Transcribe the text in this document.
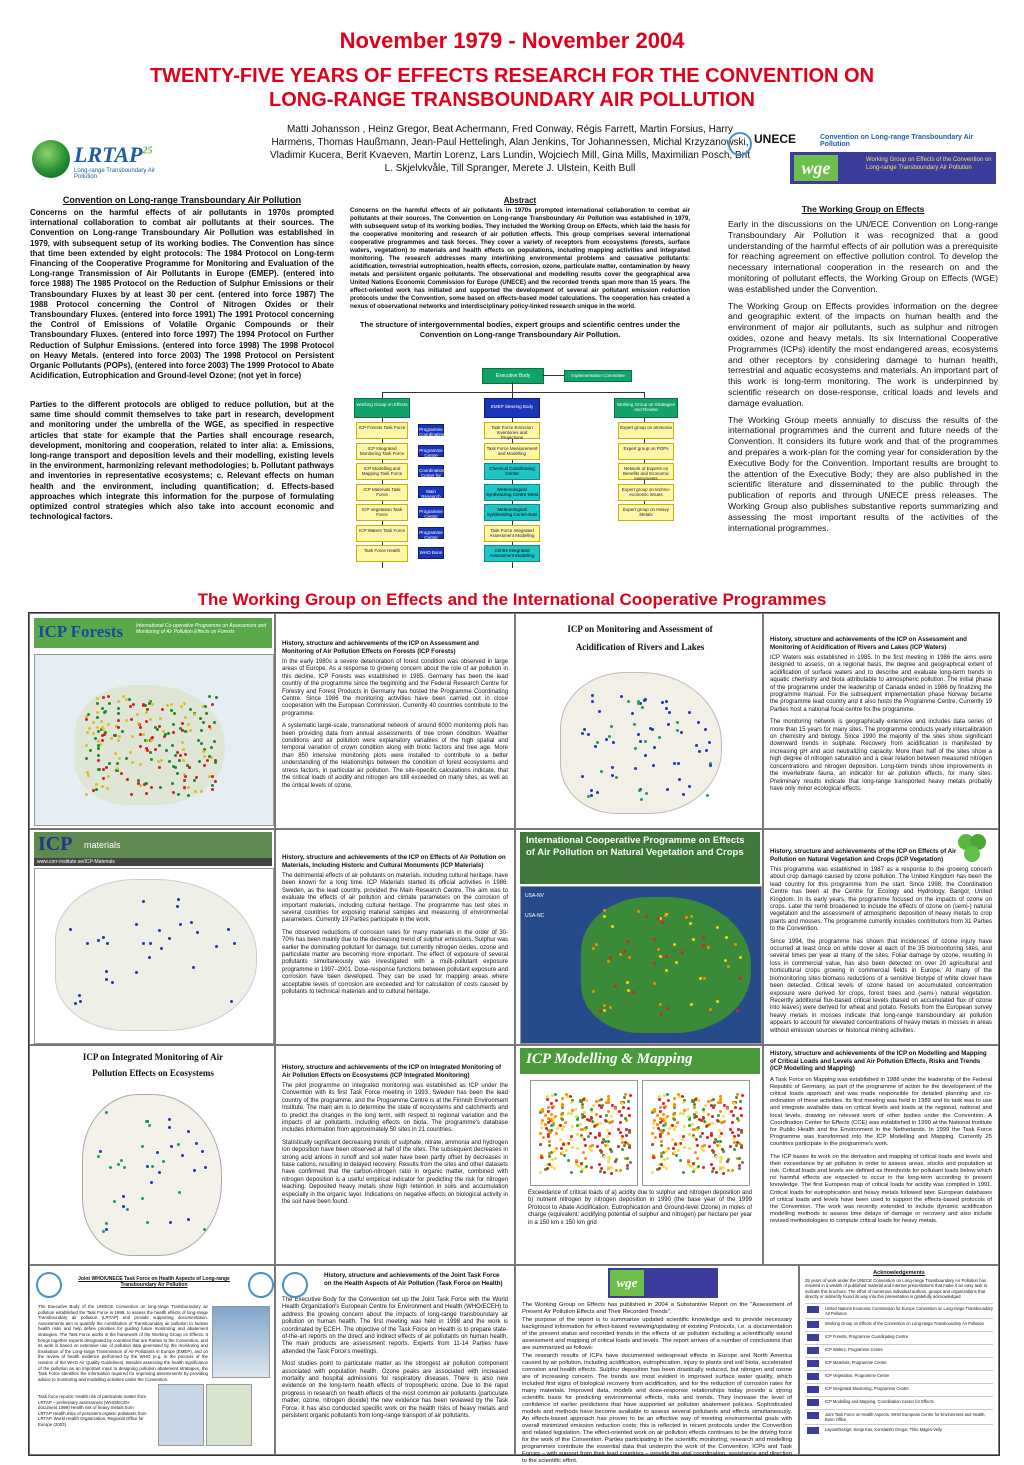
November 1979 - November 2004
TWENTY-FIVE YEARS OF EFFECTS RESEARCH FOR THE CONVENTION ON
LONG-RANGE TRANSBOUNDARY AIR POLLUTION
Matti Johansson , Heinz Gregor, Beat Achermann, Fred Conway, Régis Farrett, Martin Forsius, Harry Harmens, Thomas Haußmann, Jean-Paul Hettelingh, Alan Jenkins, Tor Johannessen, Michal Krzyzanowski, Vladimir Kucera, Berit Kvaeven, Martin Lorenz, Lars Lundin, Wojciech Mill, Gina Mills, Maximilian Posch, Brit L. Skjelvkvåle, Till Spranger, Merete J. Ulstein, Keith Bull
LRTAP$^{25}$
Long-range Transboundary Air Pollution
UNECE	Convention on Long-range Transboundary Air Pollution
wge	Working Group on Effects of the Convention on Long-range Transboundary Air Pollution
Convention on Long-range Transboundary Air Pollution
Concerns on the harmful effects of air pollutants in 1970s prompted international collaboration to combat air pollutants at their sources. The Convention on Long-range Transboundary Air Pollution was established in 1979, with subsequent setup of its working bodies. The Convention has since that time been extended by eight protocols: The 1984 Protocol on Long-term Financing of the Cooperative Programme for Monitoring and Evaluation of the Long-range Transmission of Air Pollutants in Europe (EMEP). (entered into force 1988) The 1985 Protocol on the Reduction of Sulphur Emissions or their Transboundary Fluxes by at least 30 per cent. (entered into force 1987) The 1988 Protocol concerning the Control of Nitrogen Oxides or their Transboundary Fluxes. (entered into force 1991) The 1991 Protocol concerning the Control of Emissions of Volatile Organic Compounds or their Transboundary Fluxes. (entered into force 1997) The 1994 Protocol on Further Reduction of Sulphur Emissions. (entered into force 1998) The 1998 Protocol on Heavy Metals. (entered into force 2003) The 1998 Protocol on Persistent Organic Pollutants (POPs), (entered into force 2003) The 1999 Protocol to Abate Acidification, Eutrophication and Ground-level Ozone; (not yet in force)
Parties to the different protocols are obliged to reduce pollution, but at the same time should commit themselves to take part in research, development and monitoring under the umbrella of the WGE, as specified in respective articles that state for example that the Parties shall encourage research, development, monitoring and cooperation, related to inter alia: a. Emissions, long-range transport and deposition levels and their modelling, existing levels in the environment, harmonizing relevant methodologies; b. Pollutant pathways and inventories in representative ecosystems; c. Relevant effects on human health and the environment, including quantification; d. Effects-based approaches which integrate this information for the purpose of formulating optimized control strategies which also take into account economic and technological factors.
Abstract
Concerns on the harmful effects of air pollutants in 1970s prompted international collaboration to combat air pollutants at their sources. The Convention on Long-range Transboundary Air Pollution was established in 1979, with subsequent setup of its working bodies. They included the Working Group on Effects, which laid the basis for the cooperative monitoring and research of air pollution effects. This group comprises several international cooperative programmes and task forces. They cover a variety of receptors from ecosystems (forests, surface waters, vegetation) to materials and health effects on populations, including mapping activities and integrated monitoring. The research addresses many interlinking environmental problems and causative pollutants: acidification, terrestrial eutrophication, health effects, corrosion, ozone, particulate matter, contamination by heavy metals and persistent organic pollutants. The observational and modelling results cover the geographical area United Nations Economic Commission for Europe (UNECE) and the recorded trends span more than 15 years. The effect-oriented work has initiated and supported the development of several air pollutant emission reduction protocols under the Convention, some based on effects-based model calculations. The cooperation has created a nexus of observational networks and interdisciplinary policy-linked research unique in the world.
The structure of intergovernmental bodies, expert groups and scientific centres under the Convention on Long-range Transboundary Air Pollution.
Executive Body	Implementation Committee
Working Group on Effects	EMEP Steering Body	Working Group on Strategies and Review
ICP Forests Task Force	Programme Coordinating Centre
ICP Integrated Monitoring Task Force
Programme Centre
ICP Modelling and Mapping Task Force
Coordination Center for Effects
ICP Materials Task Force
Main Research Centre
ICP Vegetation Task Force
Programme Centre
ICP Waters Task Force	Programme Centre
Task Force Health	WHO Bonn
Task Force Emission Inventories and Projections
Task Force Measurement and Modelling
Chemical Coordinating Centre
Meteorological Synthesizing Centre-West
Meteorological Synthesizing Centre-East
Task Force Integrated Assessment Modelling
Centre Integrated Assessment Modelling
Expert group on ammonia
Expert group on POPs
Network of Experts on Benefits and Economic Instruments
Expert group on techno-economic issues
Expert group on Heavy Metals
The Working Group on Effects

Early in the discussions on the UN/ECE Convention on Long-range Transboundary Air Pollution it was recognized that a good understanding of the harmful effects of air pollution was a prerequisite for reaching agreement on effective pollution control. To develop the necessary international cooperation in the research on and the monitoring of pollutant effects, the Working Group on Effects (WGE) was established under the Convention.

The Working Group on Effects provides information on the degree and geographic extent of the impacts on human health and the environment of major air pollutants, such as sulphur and nitrogen oxides, ozone and heavy metals. Its six International Cooperative Programmes (ICPs) identify the most endangered areas, ecosystems and other receptors by considering damage to human health, terrestrial and aquatic ecosystems and materials. An important part of this work is long-term monitoring. The work is underpinned by scientific research on dose-response, critical loads and levels and damage evaluation.

The Working Group meets annually to discuss the results of the international programmes and the current and future needs of the Convention. It considers its future work and that of the programmes and prepares a work-plan for the coming year for consideration by the Executive Body for the Convention. Important results are brought to the attention of the Executive Body; they are also published in the scientific literature and disseminated to the public through the publication of reports and through UNECE press releases. The Working Group also publishes substantive reports summarizing and assessing the most important results of the activities of the international programmes.

The Working Group on Effects and the International Cooperative Programmes
ICP Forests	International Co-operative Programme on Assessment and Monitoring of Air Pollution Effects on Forests
History, structure and achievements of the ICP on Assessment and Monitoring of Air Pollution Effects on Forests (ICP Forests)

In the early 1980s a severe deterioration of forest condition was observed in large areas of Europe. As a response to growing concern about the role of air pollution in this decline, ICP Forests was established in 1985. Germany has been the lead country of the programme since the beginning and the Federal Research Centre for Forestry and Forest Products in Germany has hosted the Programme Coordinating Centre. Since 1986 the monitoring activities have been carried out in close cooperation with the European Commission. Currently 40 countries contribute to the programme.

A systematic large-scale, transnational network of around 6000 monitoring plots has been providing data from annual assessments of tree crown condition. Weather conditions and air pollution were explanatory variables of the high spatial and temporal variation of crown condition along with biotic factors and tree age. More than 850 intensive monitoring plots were installed to contribute to a better understanding of the relationships between the condition of forest ecosystems and stress factors, in particular air pollution. The site-specific calculations indicate, that the critical loads of acidity and nitrogen are still exceeded on many sites, as well as the critical levels of ozone.

ICP on Monitoring and Assessment of
Acidification of Rivers and Lakes
History, structure and achievements of the ICP on Assessment and Monitoring of Acidification of Rivers and Lakes (ICP Waters)

ICP Waters was established in 1985. In the first meeting in 1986 the aims were designed to assess, on a regional basis, the degree and geographical extent of acidification of surface waters and to describe and evaluate long-term trends in aquatic chemistry and biota attributable to atmospheric pollution. The initial phase of the programme under the leadership of Canada ended in 1986 by finalizing the programme manual. For the subsequent implementation phase Norway became the programme lead country and it also hosts the Programme Centre. Currently 19 Parties host a national focal centre for the programme.

The monitoring network is geographically extensive and includes data series of more than 15 years for many sites. The programme conducts yearly intercalibration on chemistry and biology. Since 1990 the majority of the sites show significant downward trends in sulphate. Recovery from acidification is manifested by increasing pH and acid neutralizing capacity. More than half of the sites show a high degree of nitrogen saturation and a clear relation between measured nitrogen concentrations and nitrogen deposition. Long-term trends show improvements in the invertebrate fauna, an indicator for air pollution effects, for many sites. Preliminary results indicate that long-range transported heavy metals probably have only minor ecological effects.

ICP materials
www.corr-institute.se/ICP-Materials
History, structure and achievements of the ICP on Effects of Air Pollution on Materials, Including Historic and Cultural Monuments (ICP Materials)

The detrimental effects of air pollutants on materials, including cultural heritage, have been known for a long time. ICP Materials started its official activities in 1986. Sweden, as the lead country, provided the Main Research Centre. The aim was to evaluate the effects of air pollution and climate parameters on the corrosion of important materials, including cultural heritage. The programme has test sites in several countries for exposing material samples and measuring of environmental parameters. Currently 19 Parties participate in the work.

The observed reductions of corrosion rates for many materials in the order of 30-70% has been mainly due to the decreasing trend of sulphur emissions. Sulphur was earlier the dominating pollutant for damage, but currently nitrogen oxides, ozone and particulate matter are becoming more important. The effect of exposure of several pollutants simultaneously was investigated with a multi-pollutant exposure programme in 1997–2001. Dose-response functions between pollutant exposure and corrosion have been developed. They can be used for mapping areas where acceptable levels of corrosion are exceeded and for calculation of costs caused by pollutants to technical materials and to cultural heritage.

International Cooperative Programme on Effects of Air Pollution on Natural Vegetation and Crops
USA-NV
USA-NC
History, structure and achievements of the ICP on Effects of Air Pollution on Natural Vegetation and Crops (ICP Vegetation)

This programme was established in 1987 as a response to the growing concern about crop damage caused by ozone pollution. The United Kingdom has been the lead country for this programme from the start. Since 1998, the Coordination Centre has been at the Centre for Ecology and Hydrology, Bangor, United Kingdom. In its early years, the programme focused on the impacts of ozone on crops. Later the remit broadened to include the effects of ozone on (semi-) natural vegetation and the assessment of atmospheric deposition of heavy metals to crop plants and mosses. The programme currently includes contributors from 31 Parties to the Convention.

Since 1994, the programme has shown that incidences of ozone injury have occurred at least once on white clover at each of the 35 biomonitoring sites, and several times per year at many of the sites. Foliar damage by ozone, resulting in loss in commercial value, has also been detected on over 20 agricultural and horticultural crops growing in commercial fields in Europe. At many of the biomonitoring sites biomass reductions of a sensitive biotype of white clover have been detected. Critical levels of ozone based on accumulated concentration exposure were derived for crops, forest trees and (semi-) natural vegetation. Recently additional flux-based critical levels (based on accumulated flux of ozone into leaves) were derived for wheat and potato. Results from the European survey heavy metals in mosses indicate that long-range transboundary air pollution appears to account for elevated concentrations of heavy metals in mosses in areas without emission sources or historical mining activities.

ICP on Integrated Monitoring of Air
Pollution Effects on Ecosystems
History, structure and achievements of the ICP on Integrated Monitoring of Air Pollution Effects on Ecosystems (ICP Integrated Monitoring)

The pilot programme on integrated monitoring was established as ICP under the Convention with its first Task Force meeting in 1993. Sweden has been the lead country of the programme, and the Programme Centre is at the Finnish Environment Institute. The main aim is to determine the state of ecosystems and catchments and to predict the changes in the long term, with respect to regional variation and the impacts of air pollutants, including effects on biota. The programme's database includes information from approximately 50 sites in 21 countries.

Statistically significant decreasing trends of sulphate, nitrate, ammonia and hydrogen ion deposition have been observed at half of the sites. The subsequent decreases in strong acid anions in runoff and soil water have been partly offset by decreases in base cations, resulting in delayed recovery. Results from the sites and other datasets have confirmed that the carbon-nitrogen ratio in organic matter, combined with nitrogen deposition is a useful empirical indicator for predicting the risk for nitrogen leaching. Deposited heavy metals show high retention in soils and accumulation especially in the organic layer. Indications on negative effects on biological activity in the soil have been found.

ICP Modelling & Mapping
Exceedance of critical loads of a) acidity due to sulphur and nitrogen deposition and b) nutrient nitrogen by nitrogen deposition in 1990 (the base year of the 1999 Protocol to Abate Acidification, Eutrophication and Ground-level Ozone) in moles of charge (equivalent: acidifying potential of sulphur and nitrogen) per hectare per year in a 150 km x 150 km grid
History, structure and achievements of the ICP on Modelling and Mapping of Critical Loads and Levels and Air Pollution Effects, Risks and Trends (ICP Modelling and Mapping)

A Task Force on Mapping was established in 1988 under the leadership of the Federal Republic of Germany, as part of the programme of action for the development of the critical loads approach and was made responsible for detailed planning and co-ordination of these activities. Its first meeting was held in 1989 and its task was to use and integrate available data on critical levels and loads at the regional, national and local levels, drawing on relevant work of other bodies under the Convention. A Coordination Center for Effects (CCE) was established in 1990 at the National Institute for Public Health and the Environment in the Netherlands. In 1999 the Task Force Programme was transformed into the ICP Modelling and Mapping. Currently 25 countries participate in the programme's work.

The ICP bases its work on the derivation and mapping of critical loads and levels and their exceedance by air pollution in order to assess areas, stocks and population at risk. Critical loads and levels are defined as thresholds for pollutant loads below which no harmful effects are expected to occur in the long-term according to present knowledge. The first European map of critical loads for acidity was compiled in 1991. Critical loads for eutrophication and heavy metals followed later. European databases of critical loads and levels have been used to support the effects-based protocols of the Convention. The work was recently extended to include dynamic acidification modelling methods to assess time delays of damage or recovery and also include revised methodologies to compute critical loads for heavy metals.

Joint WHO/UNECE Task Force on Health Aspects of Long-range Transboundary Air Pollution
The Executive Body of the UN/ECE Convention on long-range Transboundary air pollution established the Task Force in 1998, to assess the health effects of long-range Transboundary air pollution (LRTAP) and provide supporting documentation. Assessments aim to quantify the contribution of Transboundary air pollution to human health risks and help define priorities for guiding future monitoring and abatement strategies. The Task Force works in the framework of the Working Group on Effects. It brings together experts designated by countries that are Parties to the Convention, and its work is based on extensive use of pollution data generated by the monitoring and Evaluation of the Long-range Transmission of Air Pollutants in Europe (EMEP), and on the review of health evidence performed by the WHO (e.g. in the process of the revision of the WHO Air Quality Guidelines). Besides assessing the health significance of the pollution as an important input to designing pollution abatement strategies, the Task Force identifies the information required for improving assessments by providing advice to monitoring and modelling activities under the Convention.
Task force reports: Health risk of particulate matter from LRTAP – preliminary assessment (WHO/ECEH document 1999) Health risk of heavy metals from LRTAP Health risks of persistent organic pollutants from LRTAP. World Health Organization, Regional Office for Europe (2003)
History, structure and achievements of the Joint Task Force on the Health Aspects of Air Pollution (Task Force on Health)

The Executive Body for the Convention set up the Joint Task Force with the World Health Organization's European Centre for Environment and Health (WHO/ECEH) to address the growing concern about the impacts of long-range transboundary air pollution on human health. The first meeting was held in 1998 and the work is coordinated by ECEH. The objective of the Task Force on Health is to prepare state-of-the-art reports on the direct and indirect effects of air pollutants on human health. The main products are assessment reports. Experts from 11-14 Parties have attended the Task Force's meetings.

Most studies point to particulate matter as the strongest air pollution component associated with population health. Ozone peaks are associated with increased mortality and hospital admissions for respiratory diseases. There is also new evidence on the long-term health effects of tropospheric ozone. Due to the rapid progress in research on health effects of the most common air pollutants (particulate matter, ozone, nitrogen dioxide) the new evidence has been reviewed by the Task Force. It has also conducted specific work on the health risks of heavy metals and persistent organic pollutants from long-range transport of air pollutants.

wge
The Working Group on Effects has published in 2004 a Substantive Report on the "Assessment of Present Air Pollution Effects and Their Recorded Trends".
The purpose of the report is to summarize updated scientific knowledge and to provide necessary background information for effect-based reviewing/updating of existing Protocols, i.e. a documentation of the present status and recorded trends in the effects of air pollution including a scientifically sound assessment and mapping of critical loads and levels. The report arrives of a number of conclusions that are summarized as follows:
The research results of ICPs have documented widespread effects in Europe and North America caused by air pollution, including acidification, eutrophication, injury to plants and soil biota, accelerated corrosion and health effects. Sulphur deposition has been drastically reduced, but nitrogen and ozone are of increasing concern. The trends are most evident in improved surface water quality, which included first signs of biological recovery from acidification, and for the reduction of corrosion rates for many materials. Improved data, models and dose-response relationships today provide a strong scientific basis for predicting environmental effects, risks and trends. They increase the level of confidence of earlier predictions that have supported air pollution abatement policies. Sophisticated models and methods have become available to assess several pollutants and effects simultaneously. An effects-based approach has proven to be an effective way of meeting environmental goals with overall minimized emission reduction costs; this is reflected in recent protocols under the Convention and related legislation. The effect-oriented work on air pollution effects continues to be the driving force for the work of the Convention. Parties participating in the scientific monitoring, research and modelling programmes contribute the essential data that underpin the work of the Convention. ICPs and Task Forces – with support from their lead countries – provide the vital coordination, assistance and direction to the scientific effort.
Acknowledgements
25 years of work under the UNECE Convention on Long-range Transboundary Air Pollution has resulted in a wealth of published material and internet presentations that make it an easy task to indicate this brochure. The effort of numerous individual authors, groups and organizations that directly or indirectly found its way into this presentation is gratefully acknowledged
United Nations Economic Commission for Europe Convention on Long-range Transboundary Air Pollution
Working Group on Effects of the Convention on Long-range Transboundary Air Pollution
ICP Forests, Programme Coordinating Centre
ICP Waters, Programme Centre
ICP Materials, Programme Centre
ICP Vegetation, Programme Centre
ICP Integrated Monitoring, Programme Centre
ICP Modelling and Mapping, Coordination Center for Effects
Joint Task Force on Health Aspects, WHO European Centre for Environment and Health, Bonn Office
Layout/Design: Sonja Kas, Konstantin Gregor, Thilo Mages-Velly
